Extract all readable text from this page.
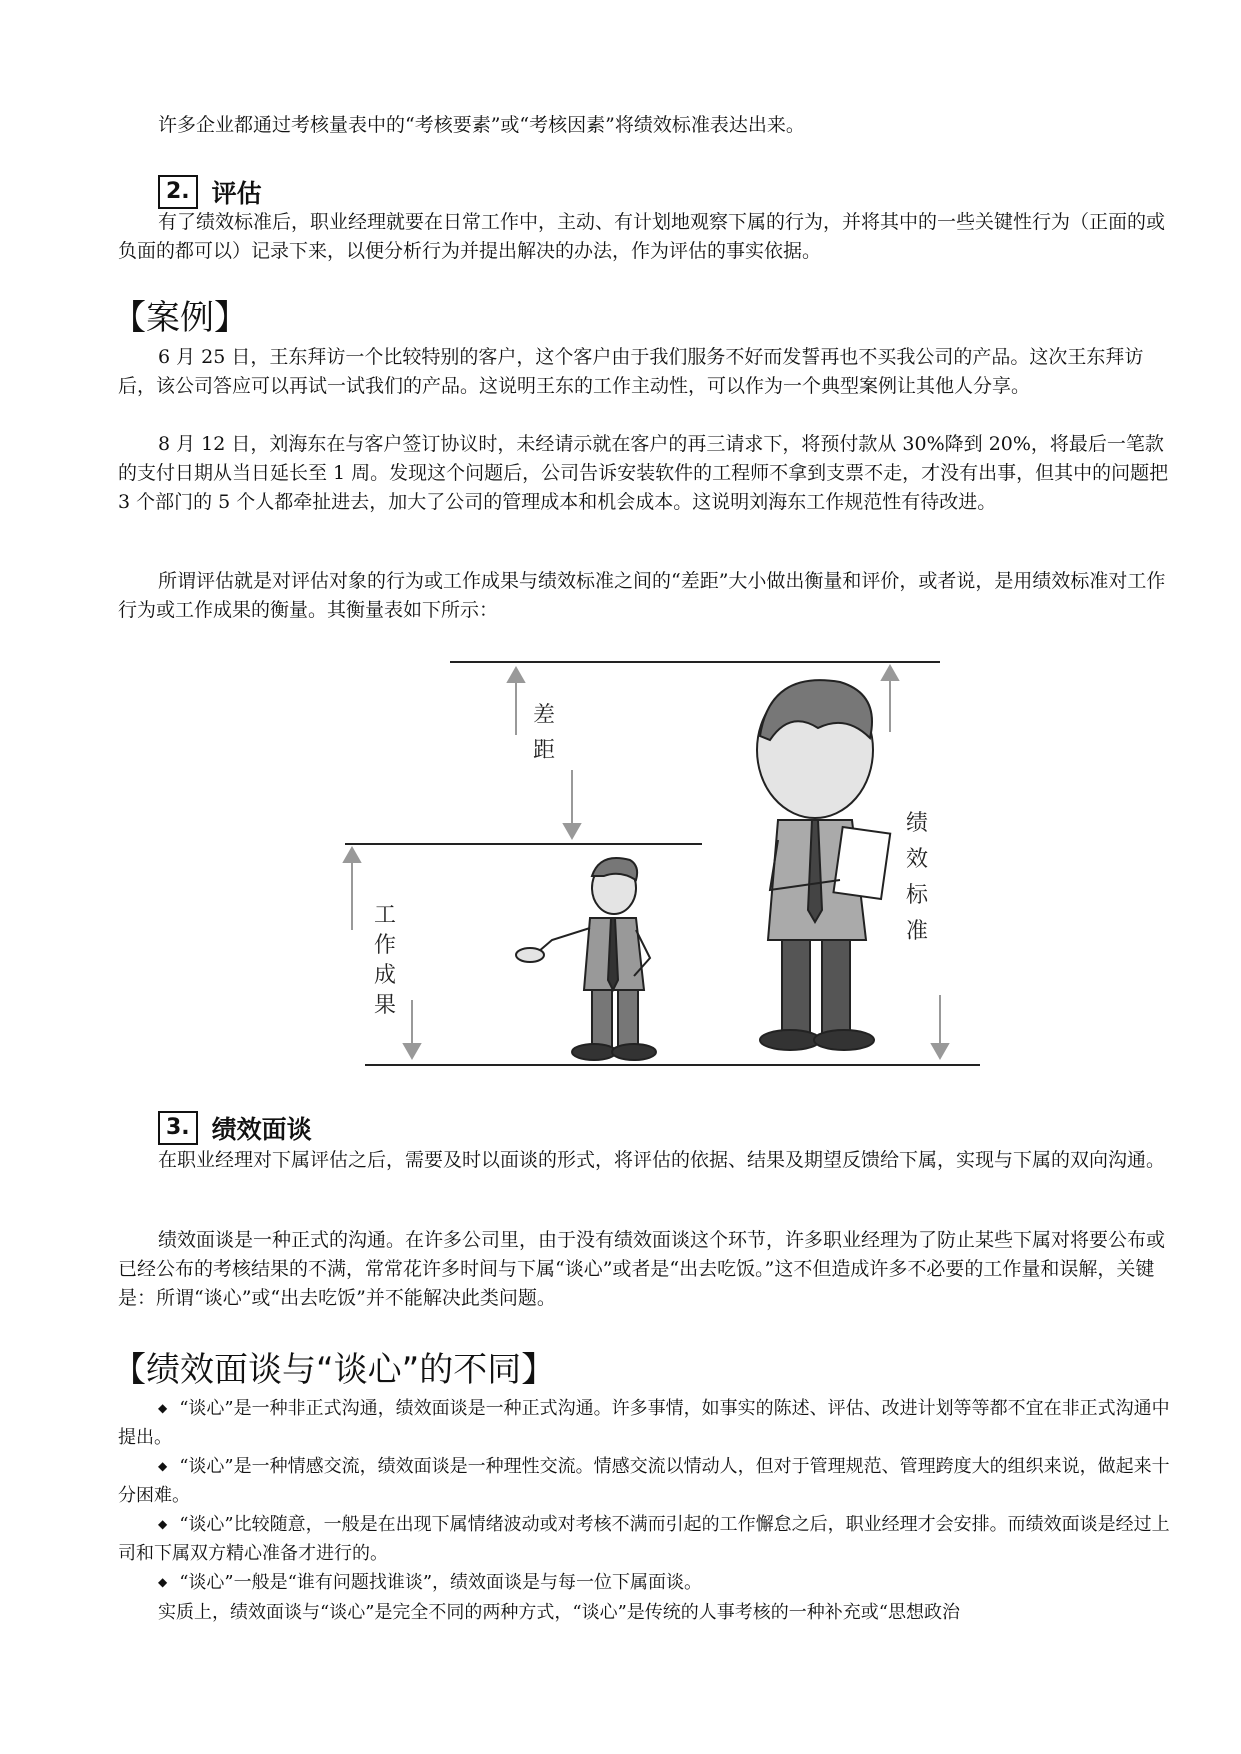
许多企业都通过考核量表中的“考核要素”或“考核因素”将绩效标准表达出来。

2. 评估

有了绩效标准后，职业经理就要在日常工作中，主动、有计划地观察下属的行为，并将其中的一些关键性行为（正面的或负面的都可以）记录下来，以便分析行为并提出解决的办法，作为评估的事实依据。

【案例】

6 月 25 日，王东拜访一个比较特别的客户，这个客户由于我们服务不好而发誓再也不买我公司的产品。这次王东拜访后，该公司答应可以再试一试我们的产品。这说明王东的工作主动性，可以作为一个典型案例让其他人分享。

8 月 12 日，刘海东在与客户签订协议时，未经请示就在客户的再三请求下，将预付款从 30%降到 20%，将最后一笔款的支付日期从当日延长至 1 周。发现这个问题后，公司告诉安装软件的工程师不拿到支票不走，才没有出事，但其中的问题把 3 个部门的 5 个人都牵扯进去，加大了公司的管理成本和机会成本。这说明刘海东工作规范性有待改进。

所谓评估就是对评估对象的行为或工作成果与绩效标准之间的“差距”大小做出衡量和评价，或者说，是用绩效标准对工作行为或工作成果的衡量。其衡量表如下所示：

差
距
工
作
成
果
绩
效
标
准
3. 绩效面谈

在职业经理对下属评估之后，需要及时以面谈的形式，将评估的依据、结果及期望反馈给下属，实现与下属的双向沟通。

绩效面谈是一种正式的沟通。在许多公司里，由于没有绩效面谈这个环节，许多职业经理为了防止某些下属对将要公布或已经公布的考核结果的不满，常常花许多时间与下属“谈心”或者是“出去吃饭。”这不但造成许多不必要的工作量和误解，关键是：所谓“谈心”或“出去吃饭”并不能解决此类问题。

【绩效面谈与“谈心”的不同】

◆ “谈心”是一种非正式沟通，绩效面谈是一种正式沟通。许多事情，如事实的陈述、评估、改进计划等等都不宜在非正式沟通中提出。

◆ “谈心”是一种情感交流，绩效面谈是一种理性交流。情感交流以情动人，但对于管理规范、管理跨度大的组织来说，做起来十分困难。

◆ “谈心”比较随意，一般是在出现下属情绪波动或对考核不满而引起的工作懈怠之后，职业经理才会安排。而绩效面谈是经过上司和下属双方精心准备才进行的。

◆ “谈心”一般是“谁有问题找谁谈”，绩效面谈是与每一位下属面谈。

实质上，绩效面谈与“谈心”是完全不同的两种方式，“谈心”是传统的人事考核的一种补充或“思想政治
